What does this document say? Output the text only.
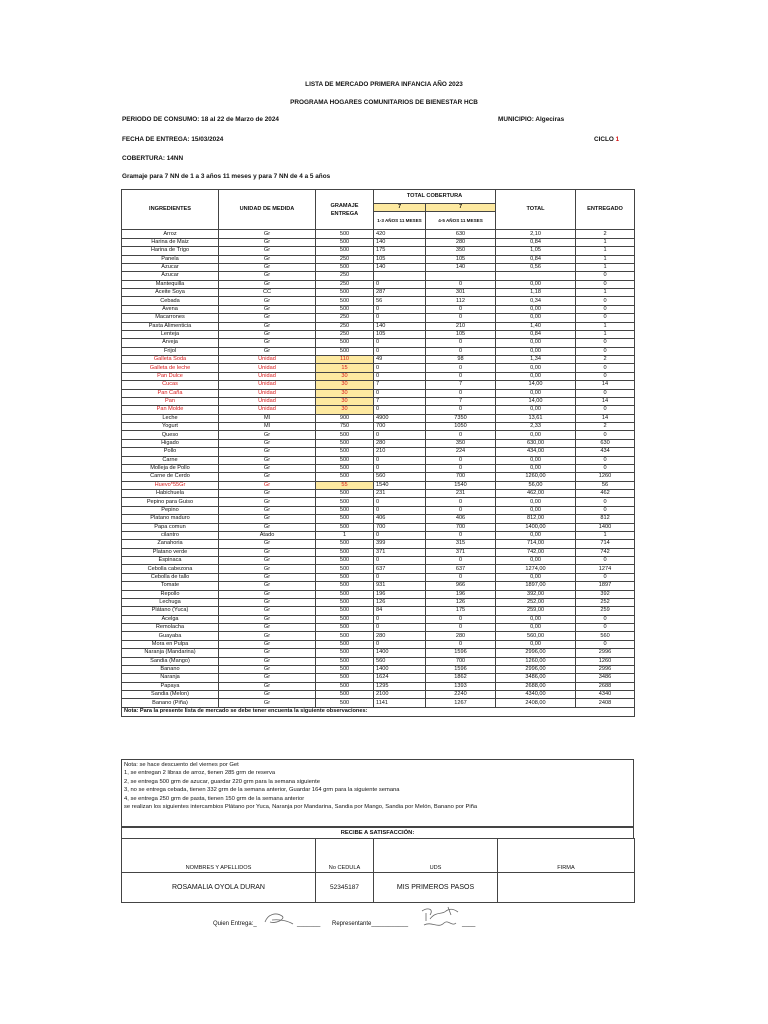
LISTA DE MERCADO PRIMERA INFANCIA AÑO 2023
PROGRAMA HOGARES COMUNITARIOS DE BIENESTAR HCB
PERIODO DE CONSUMO: 18 al 22 de Marzo de 2024	MUNICIPIO: Algeciras
FECHA DE ENTREGA: 15/03/2024	CICLO 1
COBERTURA: 14NN
Gramaje para 7 NN de 1 a 3 años 11 meses y para 7 NN de 4 a 5 años
INGREDIENTES	UNIDAD DE MEDIDA	GRAMAJE ENTREGA	TOTAL COBERTURA		TOTAL	ENTREGADO
			7	7		
			1-3 AÑOS 11 MESES	4-5 AÑOS 11 MESES		
Arroz	Gr	500	420	630	2,10	2
Harina de Maiz	Gr	500	140	280	0,84	1
Harina de Trigo	Gr	500	175	350	1,05	1
Panela	Gr	250	105	105	0,84	1
Azucar	Gr	500	140	140	0,56	1
Azucar	Gr	250				0
Mantequilla	Gr	250	0	0	0,00	0
Aceite Soya	CC	500	287	301	1,18	1
Cebada	Gr	500	56	112	0,34	0
Avena	Gr	500	0	0	0,00	0
Macarrones	Gr	250	0	0	0,00	0
Pasta Alimenticia	Gr	250	140	210	1,40	1
Lenteja	Gr	250	105	105	0,84	1
Arveja	Gr	500	0	0	0,00	0
Frijol	Gr	500	0	0	0,00	0
Galleta Soda	Unidad	110	49	98	1,34	2
Galleta de leche	Unidad	15	0	0	0,00	0
Pan Dulce	Unidad	30	0	0	0,00	0
Cucas	Unidad	30	7	7	14,00	14
Pan Caña	Unidad	30	0	0	0,00	0
Pan	Unidad	30	7	7	14,00	14
Pan Molde	Unidad	30	0	0	0,00	0
Leche	Ml	900	4900	7350	13,61	14
Yogurt	Ml	750	700	1050	2,33	2
Queso	Gr	500	0	0	0,00	0
Higado	Gr	500	280	350	630,00	630
Pollo	Gr	500	210	224	434,00	434
Carne	Gr	500	0	0	0,00	0
Molleja de Pollo	Gr	500	0	0	0,00	0
Carne de Cerdo	Gr	500	560	700	1260,00	1260
Huevo*55Gr	Gr	55	1540	1540	56,00	56
Habichuela	Gr	500	231	231	462,00	462
Pepino para Guiso	Gr	500	0	0	0,00	0
Pepino	Gr	500	0	0	0,00	0
Platano maduro	Gr	500	406	406	812,00	812
Papa comun	Gr	500	700	700	1400,00	1400
cilantro	Atado	1	0	0	0,00	1
Zanahoria	Gr	500	399	315	714,00	714
Platano verde	Gr	500	371	371	742,00	742
Espinaca	Gr	500	0	0	0,00	0
Cebolla cabezona	Gr	500	637	637	1274,00	1274
Cebolla de tallo	Gr	500	0	0	0,00	0
Tomate	Gr	500	931	966	1897,00	1897
Repollo	Gr	500	196	196	392,00	392
Lechuga	Gr	500	126	126	252,00	252
Plátano (Yuca)	Gr	500	84	175	259,00	259
Acelga	Gr	500	0	0	0,00	0
Remolacha	Gr	500	0	0	0,00	0
Guayaba	Gr	500	280	280	560,00	560
Mora en Pulpa	Gr	500	0	0	0,00	0
Naranja (Mandarina)	Gr	500	1400	1596	2996,00	2996
Sandia (Mango)	Gr	500	560	700	1260,00	1260
Banano	Gr	500	1400	1596	2996,00	2996
Naranja	Gr	500	1624	1862	3486,00	3486
Papaya	Gr	500	1295	1393	2688,00	2688
Sandia (Melon)	Gr	500	2100	2240	4340,00	4340
Banano (Piña)	Gr	500	1141	1267	2408,00	2408
Nota: Para la presente lista de mercado se debe tener encuenta la siguiente observaciones:						
Nota: se hace descuento del viernes por Get
1, se entregan 2 libras de arroz, tienen 285 grm de reserva
2, se entrega 500 grm de azucar, guardar 220 grm para la semana siguiente
3, no se entrega cebada, tienen 332 grm de la semana anterior, Guardar 164 grm para la siguiente semana
4, se entrega 250 grm de pasta, tienen 150 grm de la semana anterior
se realizan los siguientes intercambios Plátano por Yuca, Naranja por Mandarina, Sandia por Mango, Sandia por Melón, Banano por Piña
RECIBE A SATISFACCIÓN:
NOMBRES Y APELLIDOS	No CEDULA	UDS	FIRMA
ROSAMALIA OYOLA DURAN	52345187	MIS PRIMEROS PASOS	
Quien Entrega:_	_______ Representante___________	____
